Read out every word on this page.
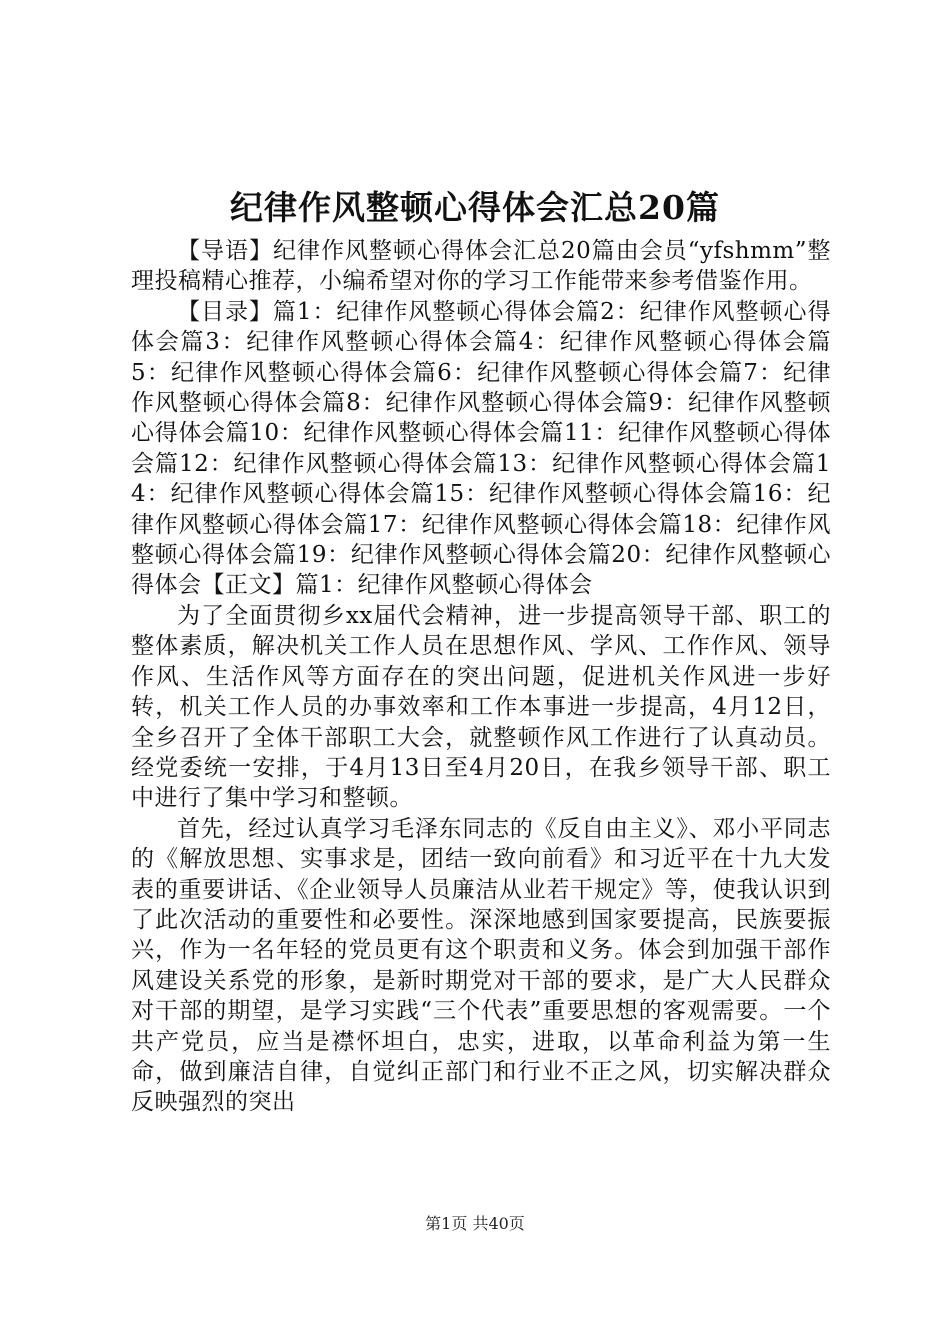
纪律作风整顿心得体会汇总20篇

【导语】纪律作风整顿心得体会汇总20篇由会员“yfshmm”整理投稿精心推荐，小编希望对你的学习工作能带来参考借鉴作用。

【目录】篇1：纪律作风整顿心得体会篇2：纪律作风整顿心得体会篇3：纪律作风整顿心得体会篇4：纪律作风整顿心得体会篇5：纪律作风整顿心得体会篇6：纪律作风整顿心得体会篇7：纪律作风整顿心得体会篇8：纪律作风整顿心得体会篇9：纪律作风整顿心得体会篇10：纪律作风整顿心得体会篇11：纪律作风整顿心得体会篇12：纪律作风整顿心得体会篇13：纪律作风整顿心得体会篇14：纪律作风整顿心得体会篇15：纪律作风整顿心得体会篇16：纪律作风整顿心得体会篇17：纪律作风整顿心得体会篇18：纪律作风整顿心得体会篇19：纪律作风整顿心得体会篇20：纪律作风整顿心得体会【正文】篇1：纪律作风整顿心得体会

为了全面贯彻乡xx届代会精神，进一步提高领导干部、职工的整体素质，解决机关工作人员在思想作风、学风、工作作风、领导作风、生活作风等方面存在的突出问题，促进机关作风进一步好转，机关工作人员的办事效率和工作本事进一步提高，4月12日，全乡召开了全体干部职工大会，就整顿作风工作进行了认真动员。经党委统一安排，于4月13日至4月20日，在我乡领导干部、职工中进行了集中学习和整顿。

首先，经过认真学习毛泽东同志的《反自由主义》、邓小平同志的《解放思想、实事求是，团结一致向前看》和习近平在十九大发表的重要讲话、《企业领导人员廉洁从业若干规定》等，使我认识到了此次活动的重要性和必要性。深深地感到国家要提高，民族要振兴，作为一名年轻的党员更有这个职责和义务。体会到加强干部作风建设关系党的形象，是新时期党对干部的要求，是广大人民群众对干部的期望，是学习实践“三个代表”重要思想的客观需要。一个共产党员，应当是襟怀坦白，忠实，进取，以革命利益为第一生命，做到廉洁自律，自觉纠正部门和行业不正之风，切实解决群众反映强烈的突出

第1页 共40页
